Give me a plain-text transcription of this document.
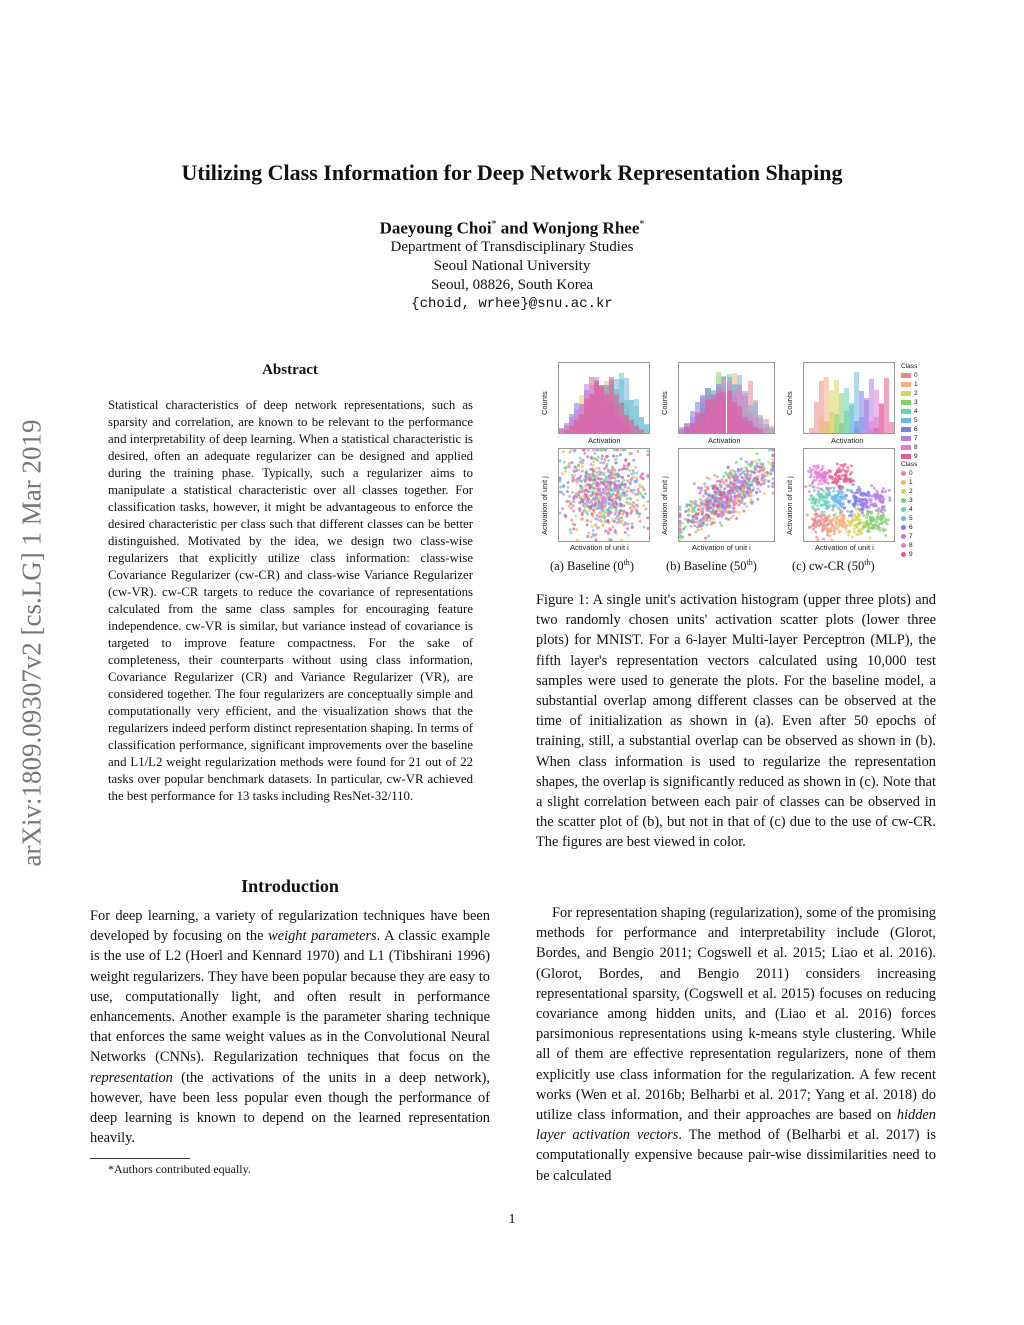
Utilizing Class Information for Deep Network Representation Shaping
Daeyoung Choi* and Wonjong Rhee*
Department of Transdisciplinary Studies
Seoul National University
Seoul, 08826, South Korea
{choid, wrhee}@snu.ac.kr
arXiv:1809.09307v2 [cs.LG] 1 Mar 2019
Abstract
Statistical characteristics of deep network representations, such as sparsity and correlation, are known to be relevant to the performance and interpretability of deep learning. When a statistical characteristic is desired, often an adequate regularizer can be designed and applied during the training phase. Typically, such a regularizer aims to manipulate a statistical characteristic over all classes together. For classification tasks, however, it might be advantageous to enforce the desired characteristic per class such that different classes can be better distinguished. Motivated by the idea, we design two class-wise regularizers that explicitly utilize class information: class-wise Covariance Regularizer (cw-CR) and class-wise Variance Regularizer (cw-VR). cw-CR targets to reduce the covariance of representations calculated from the same class samples for encouraging feature independence. cw-VR is similar, but variance instead of covariance is targeted to improve feature compactness. For the sake of completeness, their counterparts without using class information, Covariance Regularizer (CR) and Variance Regularizer (VR), are considered together. The four regularizers are conceptually simple and computationally very efficient, and the visualization shows that the regularizers indeed perform distinct representation shaping. In terms of classification performance, significant improvements over the baseline and L1/L2 weight regularization methods were found for 21 out of 22 tasks over popular benchmark datasets. In particular, cw-VR achieved the best performance for 13 tasks including ResNet-32/110.
Introduction

For deep learning, a variety of regularization techniques have been developed by focusing on the weight parameters. A classic example is the use of L2 (Hoerl and Kennard 1970) and L1 (Tibshirani 1996) weight regularizers. They have been popular because they are easy to use, computationally light, and often result in performance enhancements. Another example is the parameter sharing technique that enforces the same weight values as in the Convolutional Neural Networks (CNNs). Regularization techniques that focus on the representation (the activations of the units in a deep network), however, have been less popular even though the performance of deep learning is known to depend on the learned representation heavily.

*Authors contributed equally.
1
Activation
Counts
Activation of unit i
Activation of unit j
Activation
Counts
Activation of unit i
Activation of unit j
Activation
Counts
Activation of unit i
Activation of unit j
Class
0
1
2
3
4
5
6
7
8
9
Class
0
1
2
3
4
5
6
7
8
9
(a) Baseline (0th)	(b) Baseline (50th)	(c) cw-CR (50th)

Figure 1: A single unit's activation histogram (upper three plots) and two randomly chosen units' activation scatter plots (lower three plots) for MNIST. For a 6-layer Multi-layer Perceptron (MLP), the fifth layer's representation vectors calculated using 10,000 test samples were used to generate the plots. For the baseline model, a substantial overlap among different classes can be observed at the time of initialization as shown in (a). Even after 50 epochs of training, still, a substantial overlap can be observed as shown in (b). When class information is used to regularize the representation shapes, the overlap is significantly reduced as shown in (c). Note that a slight correlation between each pair of classes can be observed in the scatter plot of (b), but not in that of (c) due to the use of cw-CR. The figures are best viewed in color.

For representation shaping (regularization), some of the promising methods for performance and interpretability include (Glorot, Bordes, and Bengio 2011; Cogswell et al. 2015; Liao et al. 2016). (Glorot, Bordes, and Bengio 2011) considers increasing representational sparsity, (Cogswell et al. 2015) focuses on reducing covariance among hidden units, and (Liao et al. 2016) forces parsimonious representations using k-means style clustering. While all of them are effective representation regularizers, none of them explicitly use class information for the regularization. A few recent works (Wen et al. 2016b; Belharbi et al. 2017; Yang et al. 2018) do utilize class information, and their approaches are based on hidden layer activation vectors. The method of (Belharbi et al. 2017) is computationally expensive because pair-wise dissimilarities need to be calculated
